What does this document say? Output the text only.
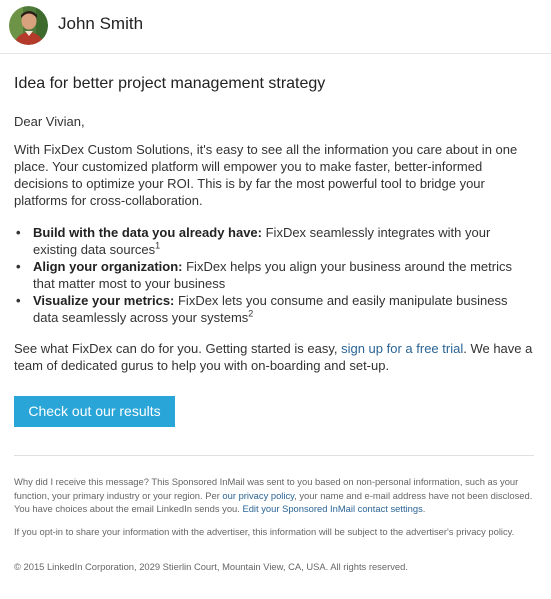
John Smith
Idea for better project management strategy
Dear Vivian,
With FixDex Custom Solutions, it's easy to see all the information you care about in one place. Your customized platform will empower you to make faster, better-informed decisions to optimize your ROI. This is by far the most powerful tool to bridge your platforms for cross-collaboration.
• Build with the data you already have: FixDex seamlessly integrates with your existing data sources$^1$
• Align your organization: FixDex helps you align your business around the metrics that matter most to your business
• Visualize your metrics: FixDex lets you consume and easily manipulate business data seamlessly across your systems$^2$
See what FixDex can do for you. Getting started is easy, sign up for a free trial. We have a team of dedicated gurus to help you with on-boarding and set-up.
Check out our results
Why did I receive this message? This Sponsored InMail was sent to you based on non-personal information, such as your function, your primary industry or your region. Per our privacy policy, your name and e-mail address have not been disclosed. You have choices about the email LinkedIn sends you. Edit your Sponsored InMail contact settings.
If you opt-in to share your information with the advertiser, this information will be subject to the advertiser's privacy policy.
© 2015 LinkedIn Corporation, 2029 Stierlin Court, Mountain View, CA, USA. All rights reserved.
